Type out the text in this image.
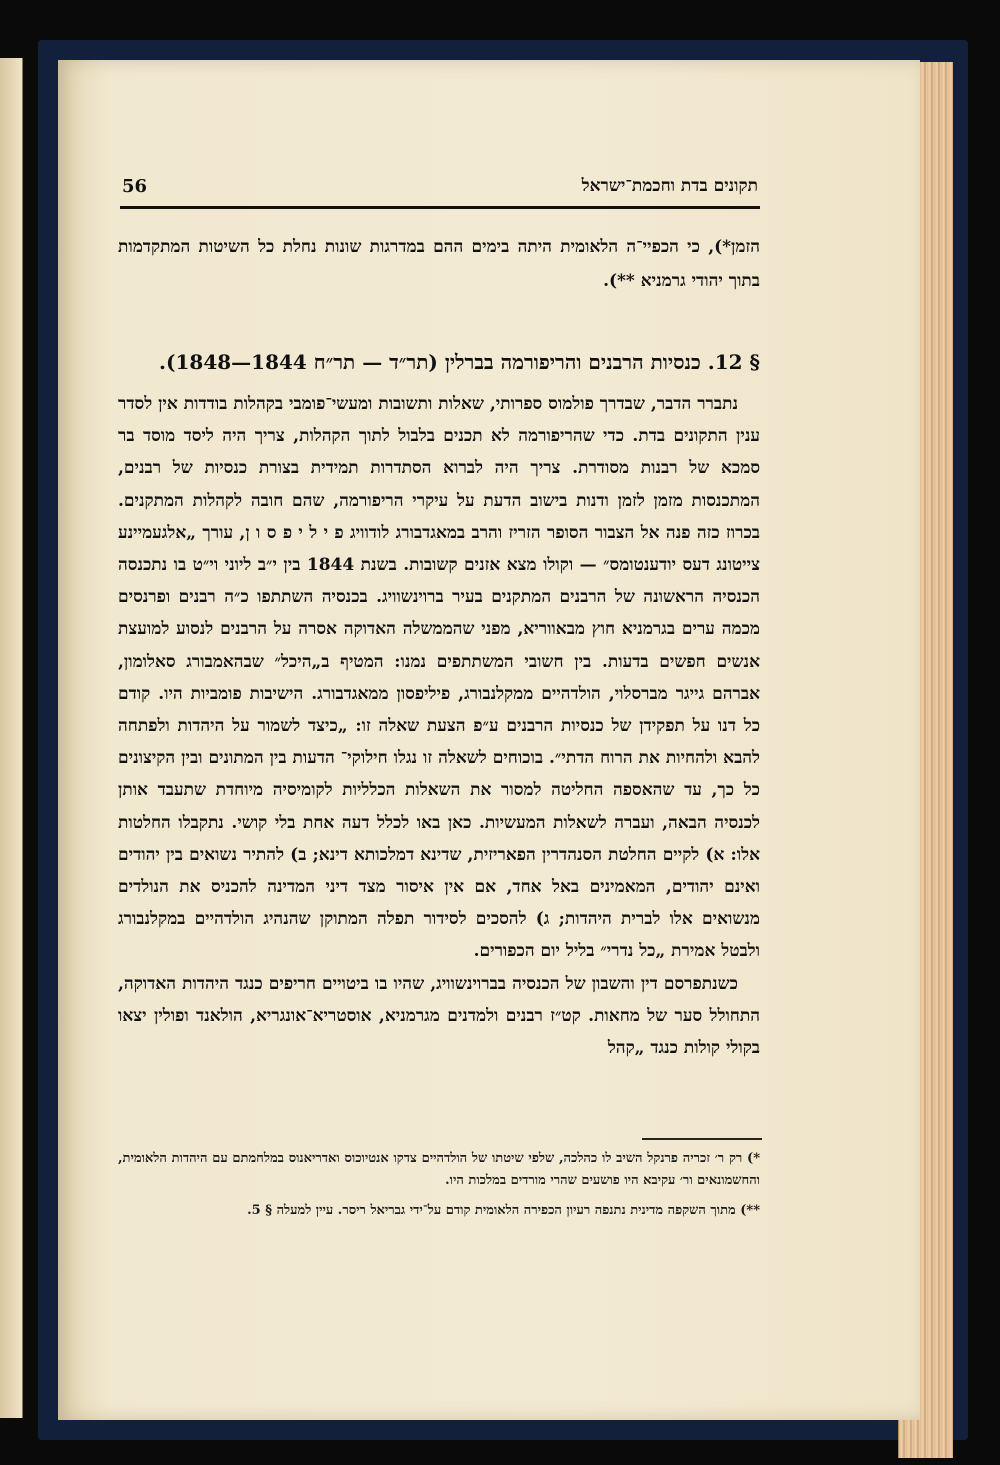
56	תקונים בדת וחכמת־ישראל
הזמן*), כי הכפיי־ה הלאומית היתה בימים ההם במדרגות שונות נחלת כל השיטות המתקדמות בתוך יהודי גרמניא **).
§ 12. כנסיות הרבנים והריפורמה בברלין (תר״ד — תר״ח 1844—1848).

נתברר הדבר, שבדרך פולמוס ספרותי, שאלות ותשובות ומעשי־פומבי בקהלות בודדות אין לסדר ענין התקונים בדת. כדי שהריפורמה לא תכנים בלבול לתוך הקהלות, צריך היה ליסד מוסד בר סמכא של רבנות מסודרת. צריך היה לברוא הסתדרות תמידית בצורת כנסיות של רבנים, המתכנסות מזמן לזמן ודנות בישוב הדעת על עיקרי הריפורמה, שהם חובה לקהלות המתקנים. בכרוז כזה פנה אל הצבור הסופר הזריז והרב במאגדבורג לודוויג פ י ל י פ ס ו ן, עורך „אלגעמיינע צייטונג דעס יודענטומס״ — וקולו מצא אזנים קשובות. בשנת 1844 בין י״ב ליוני וי״ט בו נתכנסה הכנסיה הראשונה של הרבנים המתקנים בעיר ברוינשוויג. בכנסיה השתתפו כ״ה רבנים ופרנסים מכמה ערים בגרמניא חוץ מבאווריא, מפני שהממשלה האדוקה אסרה על הרבנים לנסוע למועצת אנשים חפשים בדעות. בין חשובי המשתתפים נמנו: המטיף ב„היכל״ שבהאמבורג סאלומון, אברהם גייגר מברסלוי, הולדהיים ממקלנבורג, פיליפסון ממאגדבורג. הישיבות פומביות היו. קודם כל דנו על תפקידן של כנסיות הרבנים ע״פ הצעת שאלה זו: „כיצד לשמור על היהדות ולפתחה להבא ולהחיות את הרוח הדתי״. בוכוחים לשאלה זו נגלו חילוקי־ הדעות בין המתונים ובין הקיצונים כל כך, עד שהאספה החליטה למסור את השאלות הכלליות לקומיסיה מיוחדת שתעבד אותן לכנסיה הבאה, ועברה לשאלות המעשיות. כאן באו לכלל דעה אחת בלי קושי. נתקבלו החלטות אלו: א) לקיים החלטת הסנהדרין הפאריזית, שדינא דמלכותא דינא; ב) להתיר נשואים בין יהודים ואינם יהודים, המאמינים באל אחד, אם אין איסור מצד דיני המדינה להכניס את הנולדים מנשואים אלו לברית היהדות; ג) להסכים לסידור תפלה המתוקן שהנהיג הולדהיים במקלנבורג ולבטל אמירת „כל נדרי״ בליל יום הכפורים.

כשנתפרסם דין והשבון של הכנסיה בברוינשוויג, שהיו בו ביטויים חריפים כנגד היהדות האדוקה, התחולל סער של מחאות. קט״ז רבנים ולמדנים מגרמניא, אוסטריא־אונגריא, הולאנד ופולין יצאו בקולי קולות כנגד „קהל

*) רק ר׳ זכריה פרנקל השיב לו כהלכה, שלפי שיטתו של הולדהיים צדקו אנטיוכוס ואדריאנוס במלחמתם עם היהדות הלאומית, והחשמונאים ור׳ עקיבא היו פושעים שהרי מורדים במלכות היו.

**) מתוך השקפה מדינית נתנפה רעיון הכפירה הלאומית קודם על־ידי גבריאל ריסר. עיין למעלה § 5.
